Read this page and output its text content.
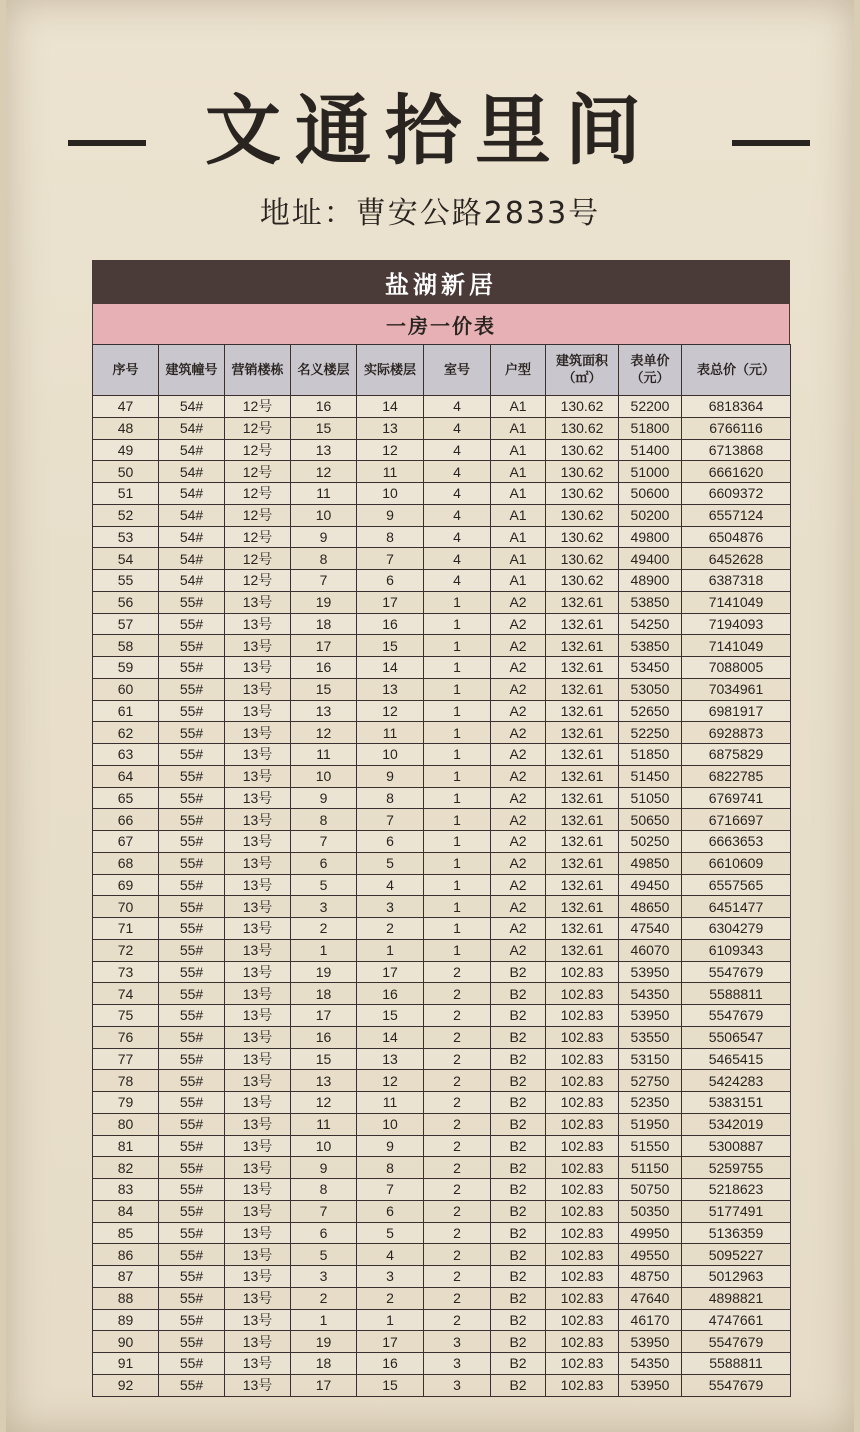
文通拾里间
地址：曹安公路2833号
盐湖新居
一房一价表
序号	建筑幢号	营销楼栋	名义楼层	实际楼层	室号	户型	建筑面积（㎡）	表单价（元）	表总价（元）
47	54#	12号	16	14	4	A1	130.62	52200	6818364
48	54#	12号	15	13	4	A1	130.62	51800	6766116
49	54#	12号	13	12	4	A1	130.62	51400	6713868
50	54#	12号	12	11	4	A1	130.62	51000	6661620
51	54#	12号	11	10	4	A1	130.62	50600	6609372
52	54#	12号	10	9	4	A1	130.62	50200	6557124
53	54#	12号	9	8	4	A1	130.62	49800	6504876
54	54#	12号	8	7	4	A1	130.62	49400	6452628
55	54#	12号	7	6	4	A1	130.62	48900	6387318
56	55#	13号	19	17	1	A2	132.61	53850	7141049
57	55#	13号	18	16	1	A2	132.61	54250	7194093
58	55#	13号	17	15	1	A2	132.61	53850	7141049
59	55#	13号	16	14	1	A2	132.61	53450	7088005
60	55#	13号	15	13	1	A2	132.61	53050	7034961
61	55#	13号	13	12	1	A2	132.61	52650	6981917
62	55#	13号	12	11	1	A2	132.61	52250	6928873
63	55#	13号	11	10	1	A2	132.61	51850	6875829
64	55#	13号	10	9	1	A2	132.61	51450	6822785
65	55#	13号	9	8	1	A2	132.61	51050	6769741
66	55#	13号	8	7	1	A2	132.61	50650	6716697
67	55#	13号	7	6	1	A2	132.61	50250	6663653
68	55#	13号	6	5	1	A2	132.61	49850	6610609
69	55#	13号	5	4	1	A2	132.61	49450	6557565
70	55#	13号	3	3	1	A2	132.61	48650	6451477
71	55#	13号	2	2	1	A2	132.61	47540	6304279
72	55#	13号	1	1	1	A2	132.61	46070	6109343
73	55#	13号	19	17	2	B2	102.83	53950	5547679
74	55#	13号	18	16	2	B2	102.83	54350	5588811
75	55#	13号	17	15	2	B2	102.83	53950	5547679
76	55#	13号	16	14	2	B2	102.83	53550	5506547
77	55#	13号	15	13	2	B2	102.83	53150	5465415
78	55#	13号	13	12	2	B2	102.83	52750	5424283
79	55#	13号	12	11	2	B2	102.83	52350	5383151
80	55#	13号	11	10	2	B2	102.83	51950	5342019
81	55#	13号	10	9	2	B2	102.83	51550	5300887
82	55#	13号	9	8	2	B2	102.83	51150	5259755
83	55#	13号	8	7	2	B2	102.83	50750	5218623
84	55#	13号	7	6	2	B2	102.83	50350	5177491
85	55#	13号	6	5	2	B2	102.83	49950	5136359
86	55#	13号	5	4	2	B2	102.83	49550	5095227
87	55#	13号	3	3	2	B2	102.83	48750	5012963
88	55#	13号	2	2	2	B2	102.83	47640	4898821
89	55#	13号	1	1	2	B2	102.83	46170	4747661
90	55#	13号	19	17	3	B2	102.83	53950	5547679
91	55#	13号	18	16	3	B2	102.83	54350	5588811
92	55#	13号	17	15	3	B2	102.83	53950	5547679
